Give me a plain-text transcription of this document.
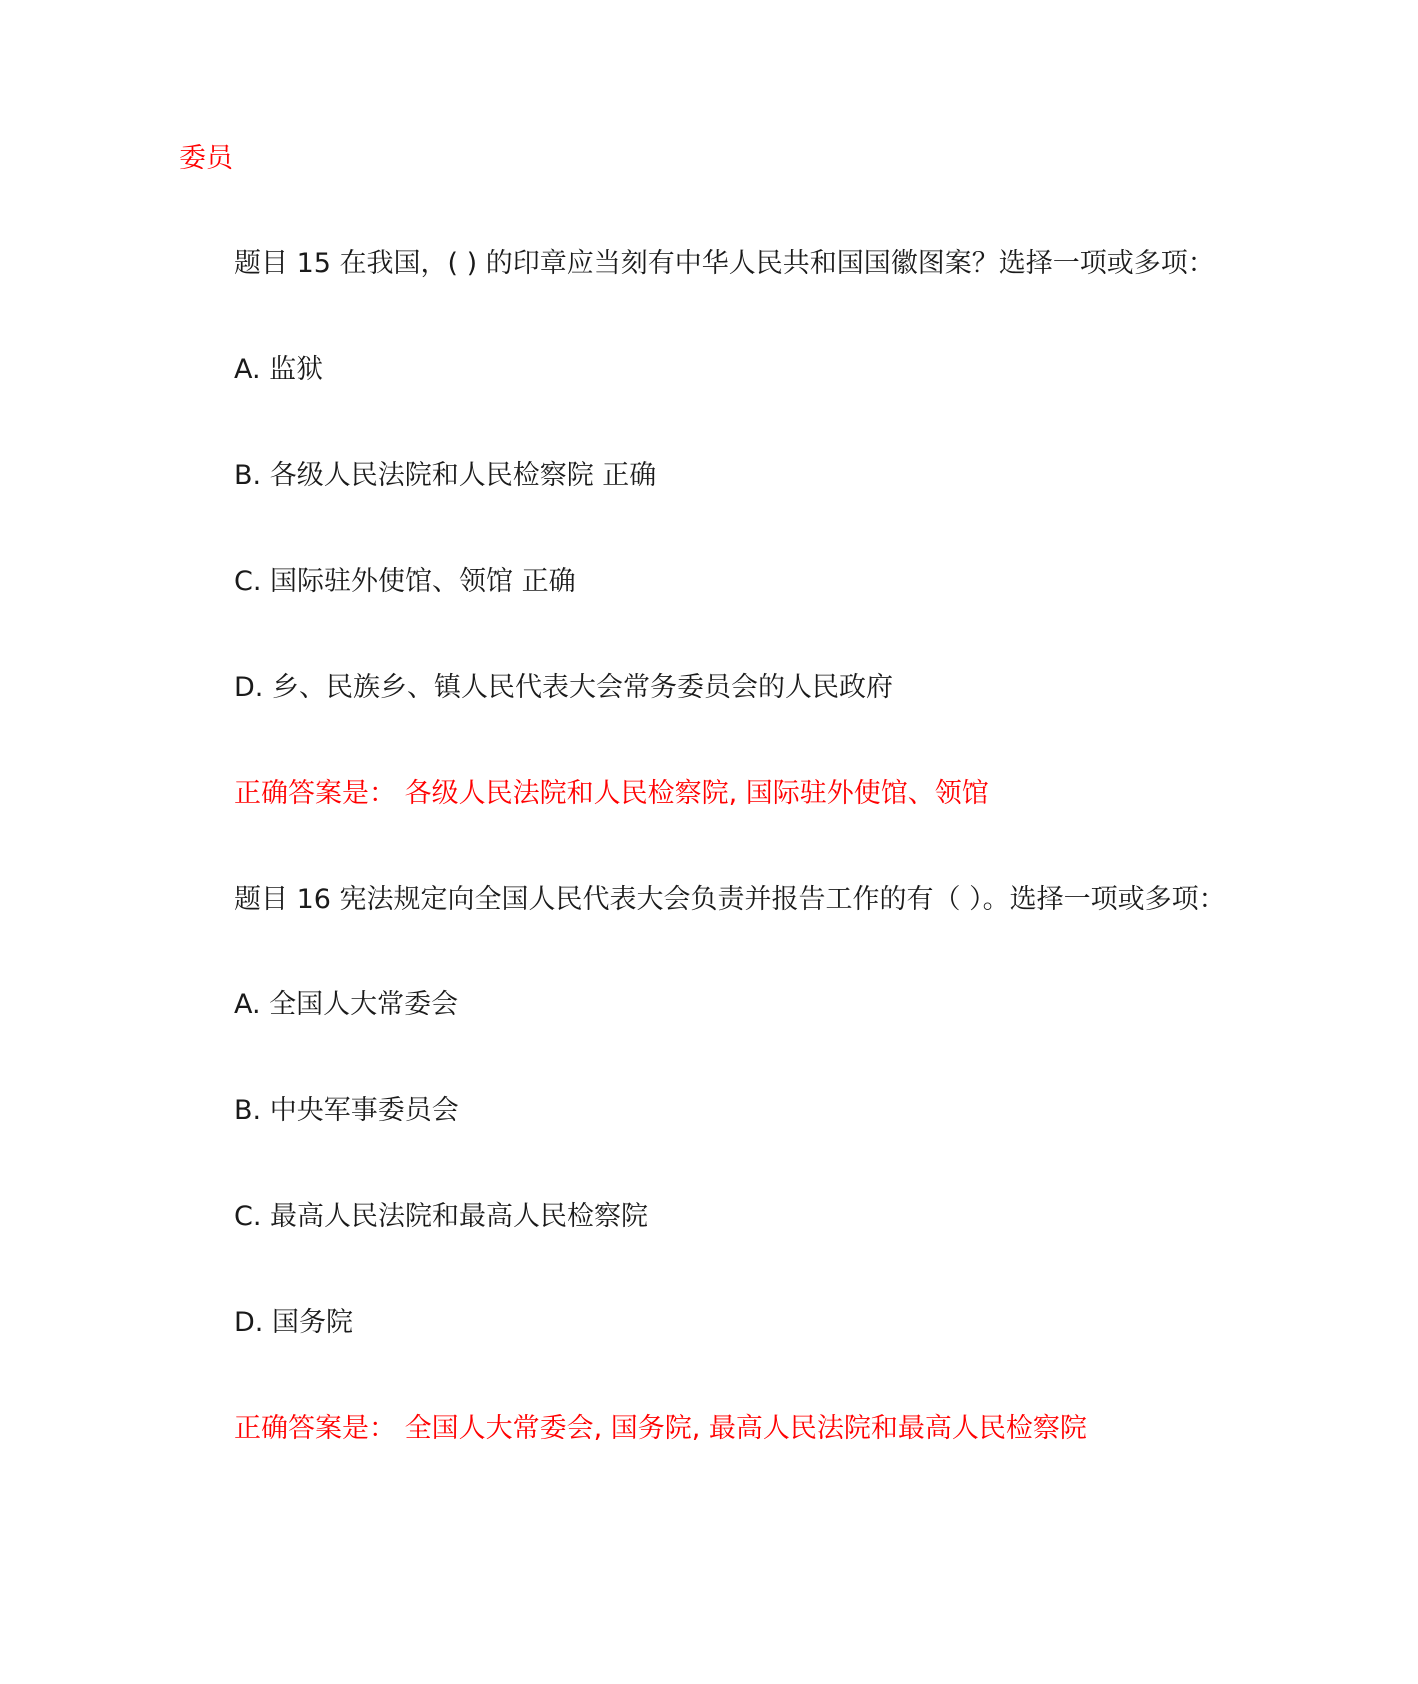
委员

题目 15 在我国，( ) 的印章应当刻有中华人民共和国国徽图案？选择一项或多项：

A. 监狱

B. 各级人民法院和人民检察院 正确

C. 国际驻外使馆、领馆 正确

D. 乡、民族乡、镇人民代表大会常务委员会的人民政府

正确答案是： 各级人民法院和人民检察院, 国际驻外使馆、领馆

题目 16 宪法规定向全国人民代表大会负责并报告工作的有（ ）。选择一项或多项：

A. 全国人大常委会

B. 中央军事委员会

C. 最高人民法院和最高人民检察院

D. 国务院

正确答案是： 全国人大常委会, 国务院, 最高人民法院和最高人民检察院
